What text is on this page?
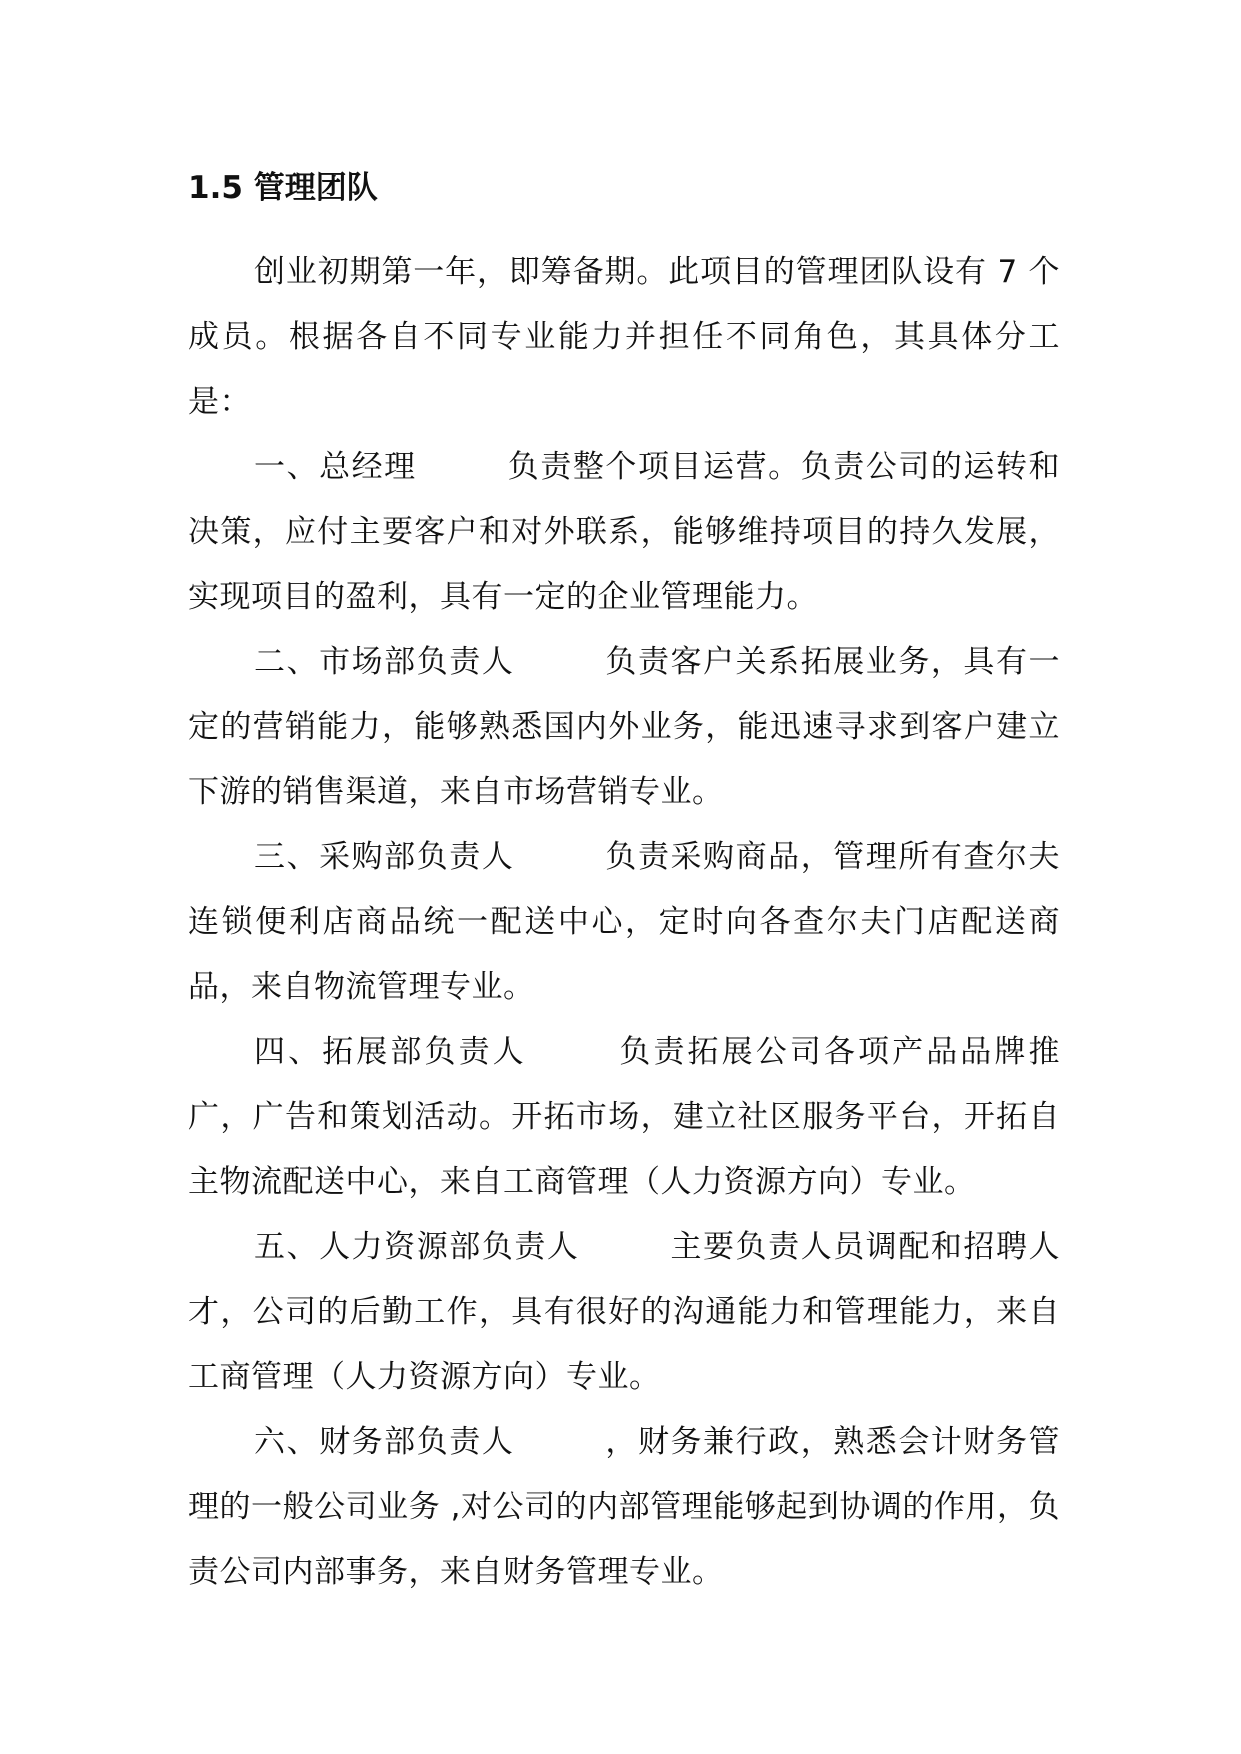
1.5 管理团队

创业初期第一年，即筹备期。此项目的管理团队设有 7 个成员。根据各自不同专业能力并担任不同角色，其具体分工是：

一、总经理	负责整个项目运营。负责公司的运转和决策，应付主要客户和对外联系，能够维持项目的持久发展，实现项目的盈利，具有一定的企业管理能力。

二、市场部负责人	负责客户关系拓展业务，具有一定的营销能力，能够熟悉国内外业务，能迅速寻求到客户建立下游的销售渠道，来自市场营销专业。

三、采购部负责人	负责采购商品，管理所有查尔夫连锁便利店商品统一配送中心，定时向各查尔夫门店配送商品，来自物流管理专业。

四、拓展部负责人	负责拓展公司各项产品品牌推广，广告和策划活动。开拓市场，建立社区服务平台，开拓自主物流配送中心，来自工商管理（人力资源方向）专业。

五、人力资源部负责人	主要负责人员调配和招聘人才，公司的后勤工作，具有很好的沟通能力和管理能力，来自工商管理（人力资源方向）专业。

六、财务部负责人	，财务兼行政，熟悉会计财务管理的一般公司业务 ,对公司的内部管理能够起到协调的作用，负责公司内部事务，来自财务管理专业。
